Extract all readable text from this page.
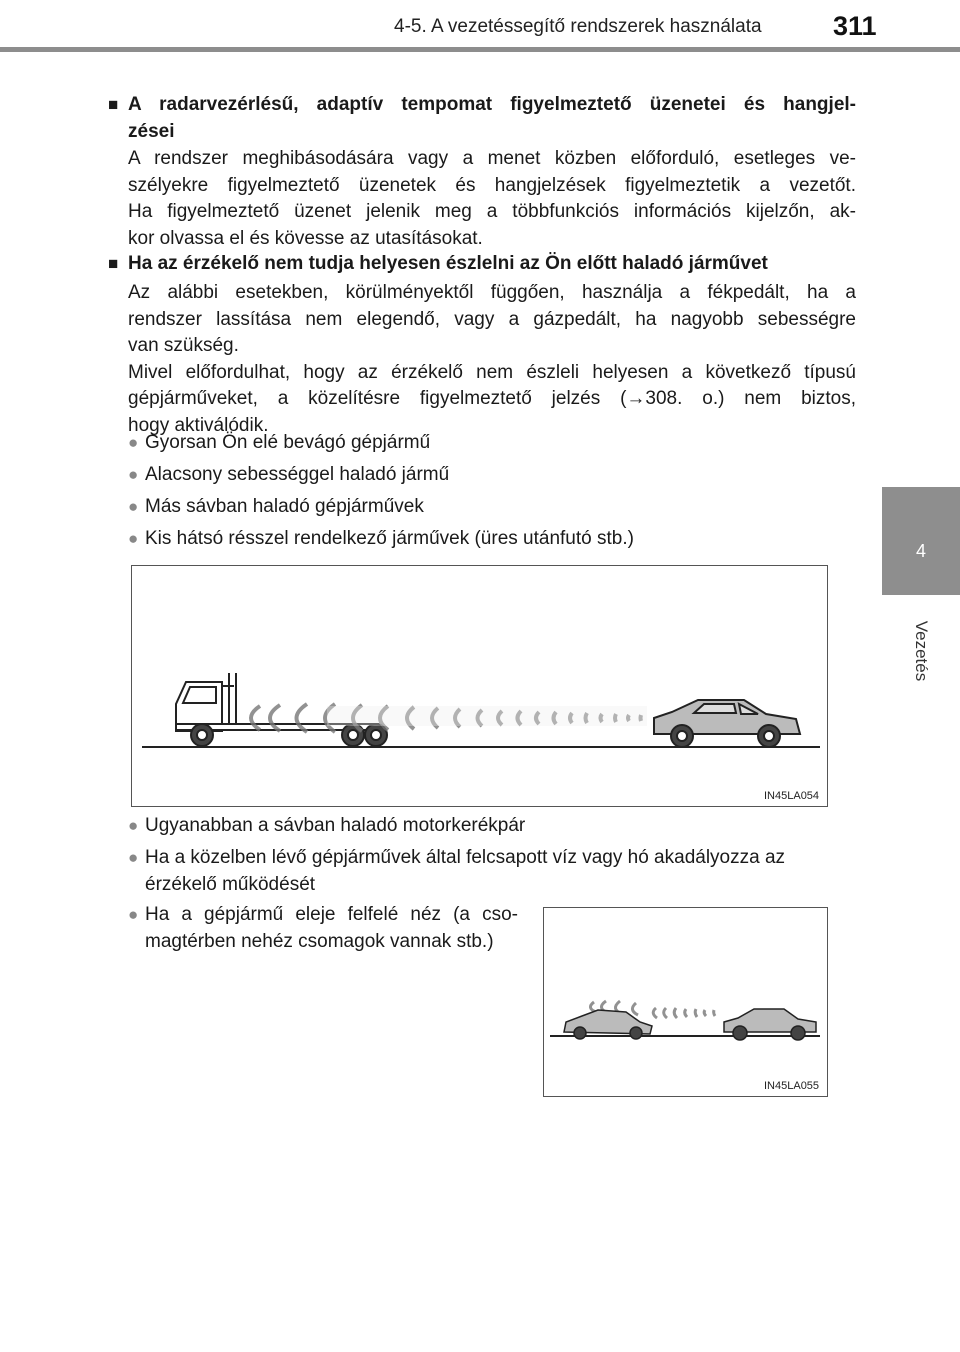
4-5. A vezetéssegítő rendszerek használata	311
4
Vezetés
■ A radarvezérlésű, adaptív tempomat figyelmeztető üzenetei és hangjel-
zései
A rendszer meghibásodására vagy a menet közben előforduló, esetleges ve-
szélyekre figyelmeztető üzenetek és hangjelzések figyelmeztetik a vezetőt.
Ha figyelmeztető üzenet jelenik meg a többfunkciós információs kijelzőn, ak-
kor olvassa el és kövesse az utasításokat.
■ Ha az érzékelő nem tudja helyesen észlelni az Ön előtt haladó járművet
Az alábbi esetekben, körülményektől függően, használja a fékpedált, ha a
rendszer lassítása nem elegendő, vagy a gázpedált, ha nagyobb sebességre
van szükség.
Mivel előfordulhat, hogy az érzékelő nem észleli helyesen a következő típusú
gépjárműveket, a közelítésre figyelmeztető jelzés (→308. o.) nem biztos,
hogy aktiválódik.
● Gyorsan Ön elé bevágó gépjármű
● Alacsony sebességgel haladó jármű
● Más sávban haladó gépjárművek
● Kis hátsó résszel rendelkező járművek (üres utánfutó stb.)
IN45LA054
● Ugyanabban a sávban haladó motorkerékpár
● Ha a közelben lévő gépjárművek által felcsapott víz vagy hó akadályozza az
érzékelő működését
● Ha a gépjármű eleje felfelé néz (a cso-
magtérben nehéz csomagok vannak stb.)
IN45LA055
